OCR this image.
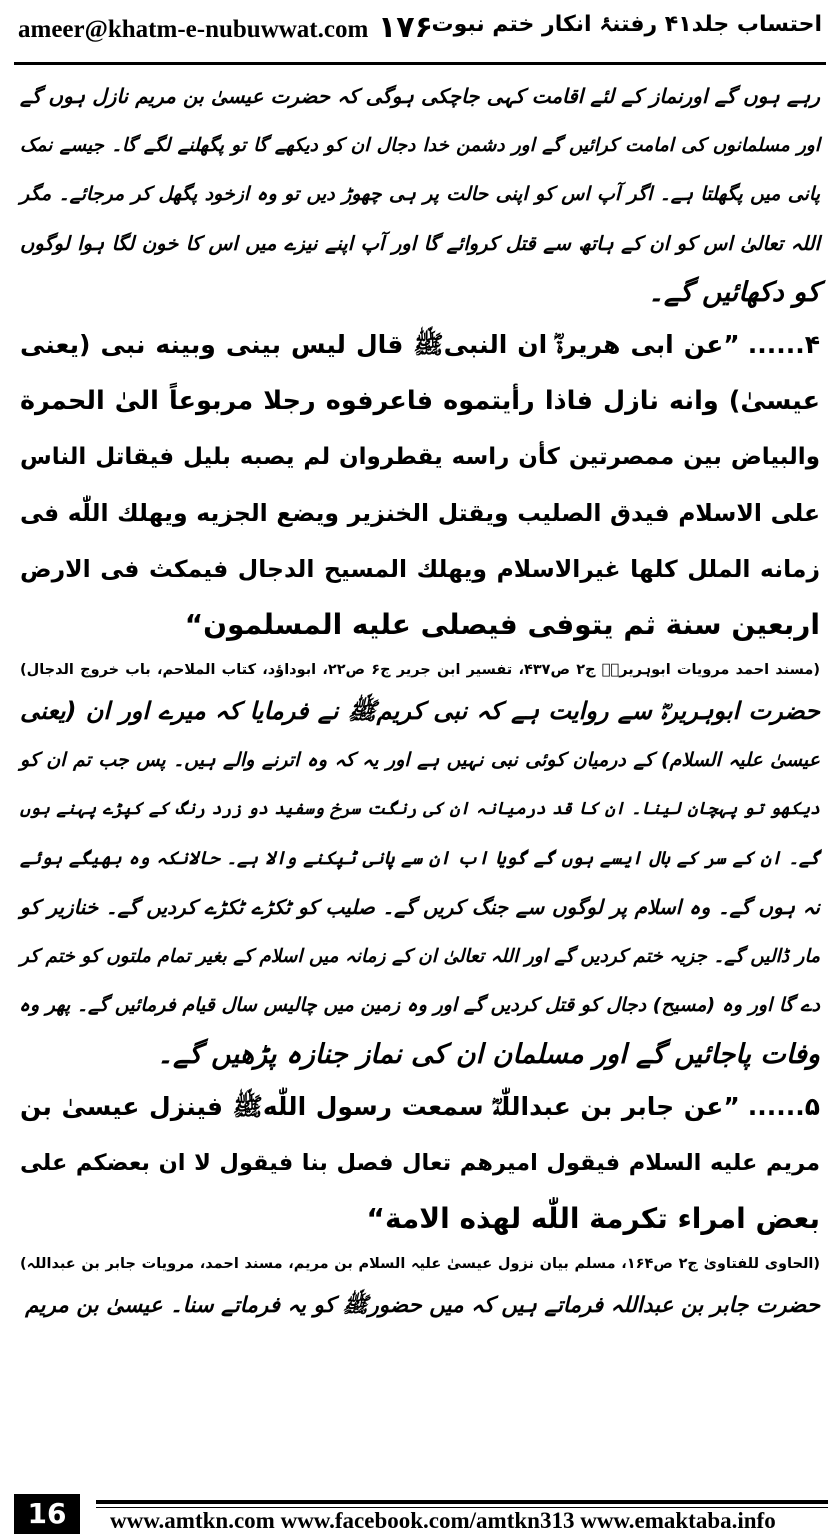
ameer@khatm-e-nubuwwat.com ۱۷۶
احتساب جلد۴۱ رفتنۂ انکار ختم نبوت
رہے ہوں گے اورنماز کے لئے اقامت کہی جاچکی ہوگی کہ حضرت عیسیٰ بن مریم نازل ہوں گے
اور مسلمانوں کی امامت کرائیں گے اور دشمن خدا دجال ان کو دیکھے گا تو پگھلنے لگے گا۔ جیسے نمک
پانی میں پگھلتا ہے۔ اگر آپ اس کو اپنی حالت پر ہی چھوڑ دیں تو وہ ازخود پگھل کر مرجائے۔ مگر
اللہ تعالیٰ اس کو ان کے ہاتھ سے قتل کروائے گا اور آپ اپنے نیزے میں اس کا خون لگا ہوا لوگوں
کو دکھائیں گے۔
۴......”عن ابی هريرةؓ ان النبیﷺ قال ليس بينی وبينه نبی (يعنی
عيسیٰ) وانه نازل فاذا رأيتموه فاعرفوه رجلا مربوعاً الیٰ الحمرة
والبياض بين ممصرتين كأن راسه يقطروان لم يصبه بليل فيقاتل الناس
علی الاسلام فيدق الصليب ويقتل الخنزير ويضع الجزيه ويهلك اللّٰه فی
زمانه الملل كلها غيرالاسلام ويهلك المسيح الدجال فيمكث فی الارض
اربعين سنة ثم يتوفی فيصلی عليه المسلمون“
(مسند احمد مرویات ابوہریرہؓ ج۲ ص۴۳۷، تفسیر ابن جریر ج۶ ص۲۲، ابوداؤد، کتاب الملاحم، باب خروج الدجال)
حضرت ابوہریرہؓ سے روایت ہے کہ نبی کریمﷺ نے فرمایا کہ میرے اور ان (یعنی
عیسیٰ علیہ السلام) کے درمیان کوئی نبی نہیں ہے اور یہ کہ وہ اترنے والے ہیں۔ پس جب تم ان کو
دیکھو تو پہچان لینا۔ ان کا قد درمیانہ ان کی رنگت سرخ وسفید دو زرد رنگ کے کپڑے پہنے ہوں
گے۔ ان کے سر کے بال ایسے ہوں گے گویا اب ان سے پانی ٹپکنے والا ہے۔ حالانکہ وہ بھیگے ہوئے
نہ ہوں گے۔ وہ اسلام پر لوگوں سے جنگ کریں گے۔ صلیب کو ٹکڑے ٹکڑے کردیں گے۔ خنازیر کو
مار ڈالیں گے۔ جزیہ ختم کردیں گے اور اللہ تعالیٰ ان کے زمانہ میں اسلام کے بغیر تمام ملتوں کو ختم کر
دے گا اور وہ (مسیح) دجال کو قتل کردیں گے اور وہ زمین میں چالیس سال قیام فرمائیں گے۔ پھر وہ
وفات پاجائیں گے اور مسلمان ان کی نماز جنازہ پڑھیں گے۔
۵......”عن جابر بن عبداللّٰهؓ سمعت رسول اللّٰهﷺ فينزل عيسیٰ بن
مريم عليه السلام فيقول اميرهم تعال فصل بنا فيقول لا ان بعضكم علی
بعض امراء تكرمة اللّٰه لهذه الامة“
(الحاوی للفتاویٰ ج۲ ص۱۶۴، مسلم بیان نزول عیسیٰ علیہ السلام بن مریم، مسند احمد، مرویات جابر بن عبداللہ)
حضرت جابر بن عبداللہ فرماتے ہیں کہ میں حضورﷺ کو یہ فرماتے سنا۔ عیسیٰ بن مریم
16	www.amtkn.com www.facebook.com/amtkn313 www.emaktaba.info
